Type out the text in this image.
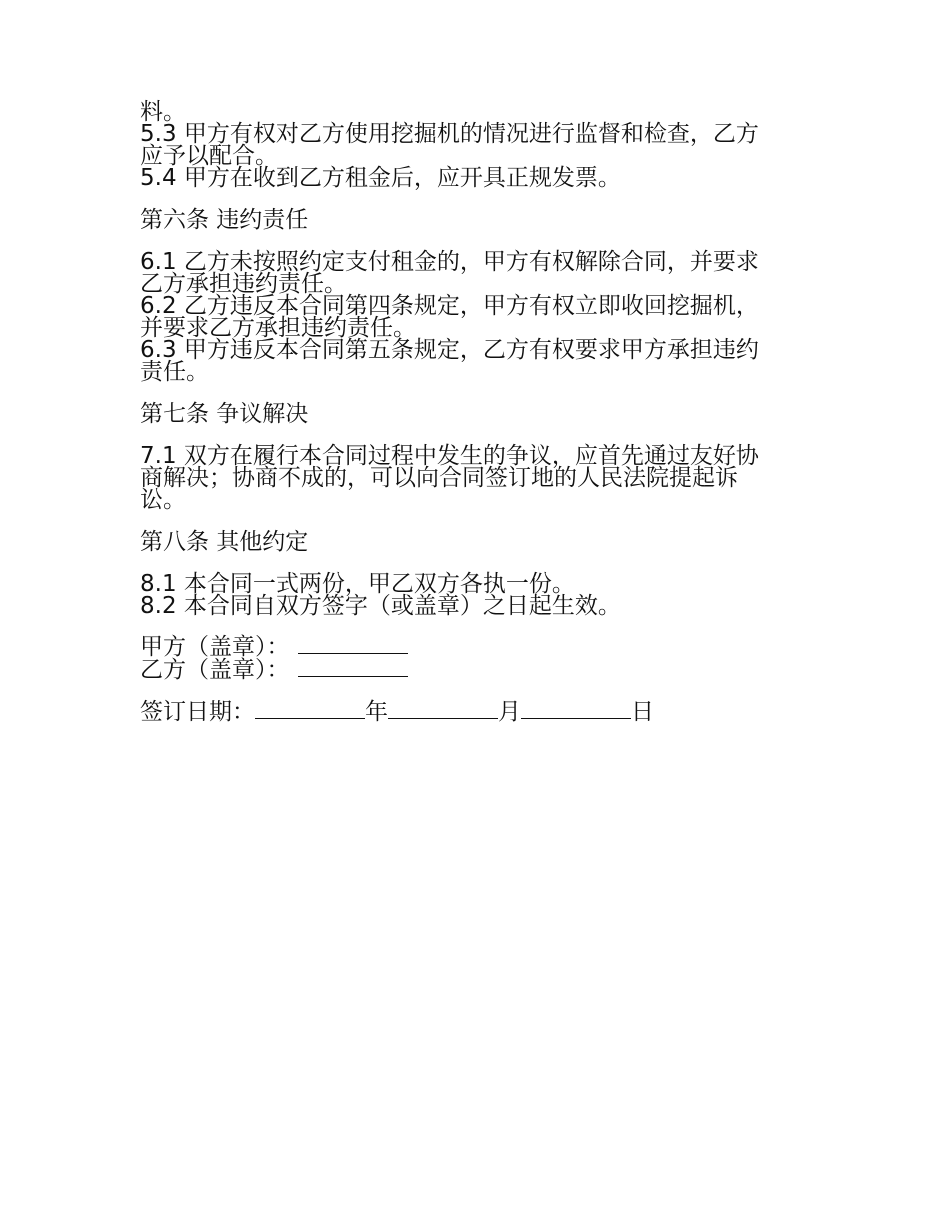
料。
5.3 甲方有权对乙方使用挖掘机的情况进行监督和检查，乙方
应予以配合。
5.4 甲方在收到乙方租金后，应开具正规发票。
第六条 违约责任
6.1 乙方未按照约定支付租金的，甲方有权解除合同，并要求
乙方承担违约责任。
6.2 乙方违反本合同第四条规定，甲方有权立即收回挖掘机，
并要求乙方承担违约责任。
6.3 甲方违反本合同第五条规定，乙方有权要求甲方承担违约
责任。
第七条 争议解决
7.1 双方在履行本合同过程中发生的争议，应首先通过友好协
商解决；协商不成的，可以向合同签订地的人民法院提起诉
讼。
第八条 其他约定
8.1 本合同一式两份，甲乙双方各执一份。
8.2 本合同自双方签字（或盖章）之日起生效。
甲方（盖章）：
乙方（盖章）：
签订日期：	年	月	日
